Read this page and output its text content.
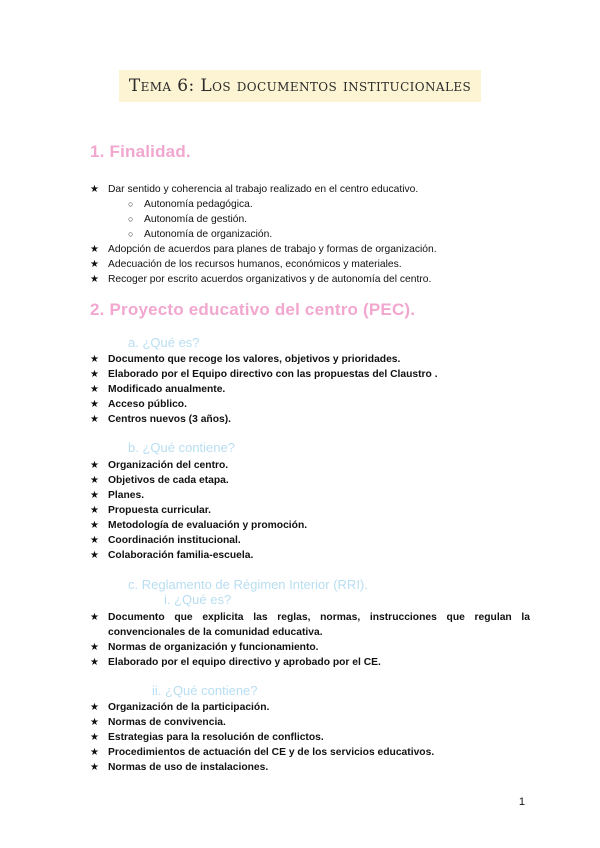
Tema 6: Los documentos institucionales
1. Finalidad.
★ Dar sentido y coherencia al trabajo realizado en el centro educativo.
○ Autonomía pedagógica.
○ Autonomía de gestión.
○ Autonomía de organización.
★ Adopción de acuerdos para planes de trabajo y formas de organización.
★ Adecuación de los recursos humanos, económicos y materiales.
★ Recoger por escrito acuerdos organizativos y de autonomía del centro.
2. Proyecto educativo del centro (PEC).
a. ¿Qué es?
★ Documento que recoge los valores, objetivos y prioridades.
★ Elaborado por el Equipo directivo con las propuestas del Claustro .
★ Modificado anualmente.
★ Acceso público.
★ Centros nuevos (3 años).
b. ¿Qué contiene?
★ Organización del centro.
★ Objetivos de cada etapa.
★ Planes.
★ Propuesta curricular.
★ Metodología de evaluación y promoción.
★ Coordinación institucional.
★ Colaboración familia-escuela.
c. Reglamento de Régimen Interior (RRI).
i. ¿Qué es?
★ Documento que explicita las reglas, normas, instrucciones que regulan la convencionales de la comunidad educativa.
★ Normas de organización y funcionamiento.
★ Elaborado por el equipo directivo y aprobado por el CE.
ii. ¿Qué contiene?
★ Organización de la participación.
★ Normas de convivencia.
★ Estrategias para la resolución de conflictos.
★ Procedimientos de actuación del CE y de los servicios educativos.
★ Normas de uso de instalaciones.
1
